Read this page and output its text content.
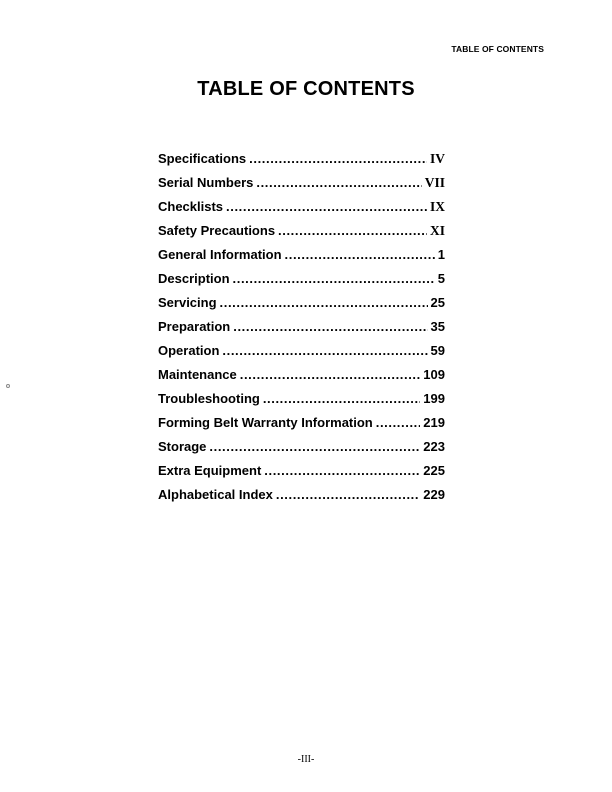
TABLE OF CONTENTS
TABLE OF CONTENTS
Specifications .....	IV
Serial Numbers .....	VII
Checklists .....	IX
Safety Precautions .....	XI
General Information .....	1
Description .....	5
Servicing .....	25
Preparation .....	35
Operation .....	59
Maintenance .....	109
Troubleshooting .....	199
Forming Belt Warranty Information .....	219
Storage .....	223
Extra Equipment .....	225
Alphabetical Index .....	229
-III-
